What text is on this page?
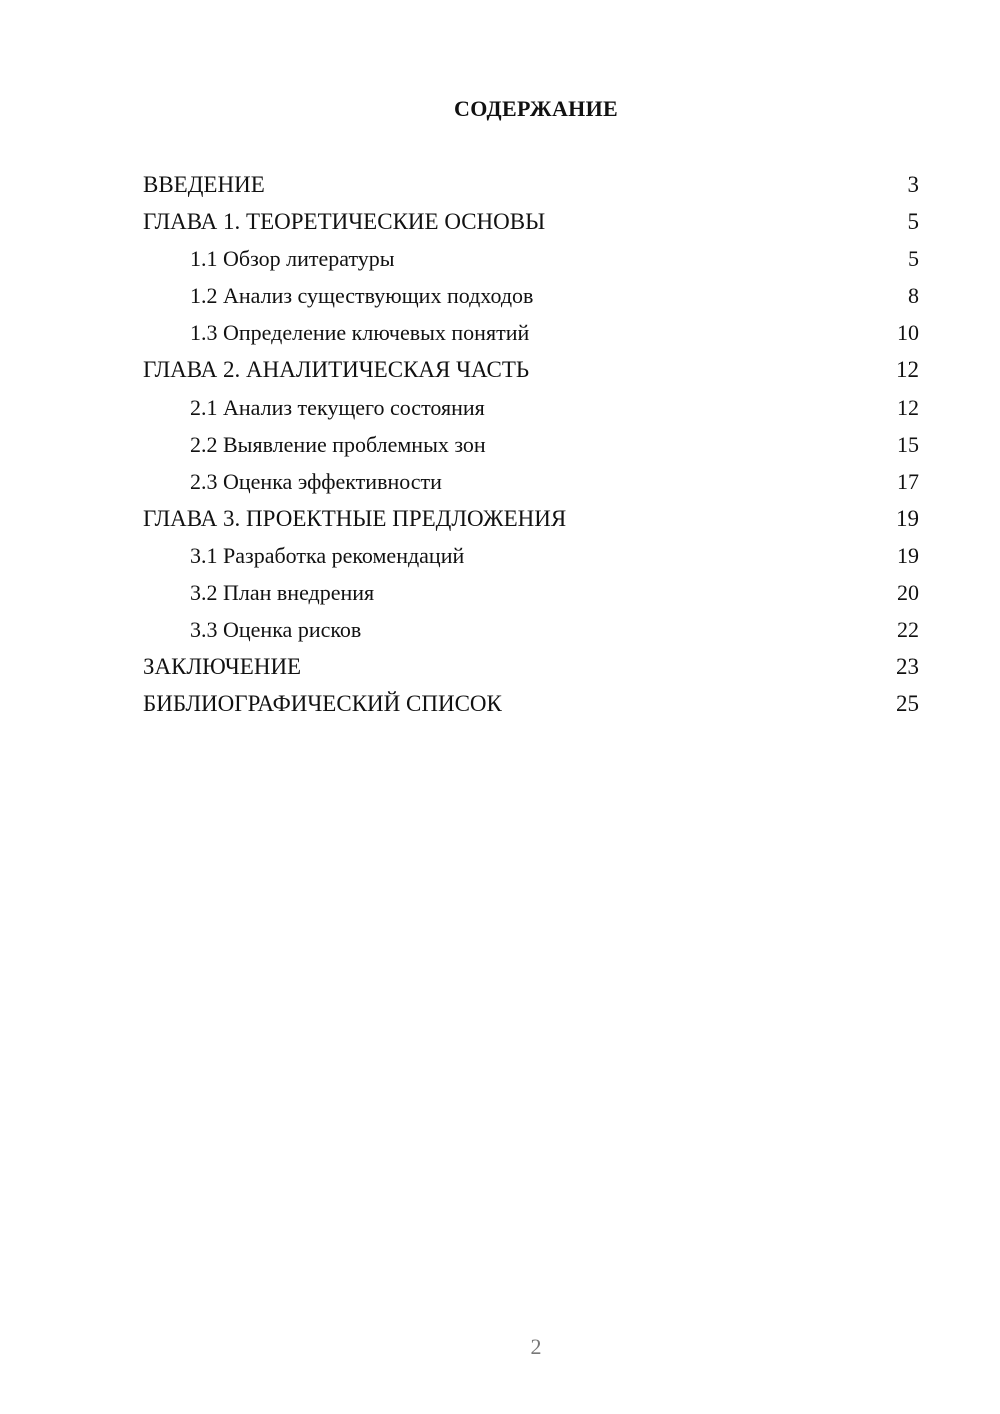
СОДЕРЖАНИЕ
ВВЕДЕНИЕ	3
ГЛАВА 1. ТЕОРЕТИЧЕСКИЕ ОСНОВЫ	5
1.1 Обзор литературы	5
1.2 Анализ существующих подходов	8
1.3 Определение ключевых понятий	10
ГЛАВА 2. АНАЛИТИЧЕСКАЯ ЧАСТЬ	12
2.1 Анализ текущего состояния	12
2.2 Выявление проблемных зон	15
2.3 Оценка эффективности	17
ГЛАВА 3. ПРОЕКТНЫЕ ПРЕДЛОЖЕНИЯ	19
3.1 Разработка рекомендаций	19
3.2 План внедрения	20
3.3 Оценка рисков	22
ЗАКЛЮЧЕНИЕ	23
БИБЛИОГРАФИЧЕСКИЙ СПИСОК	25
2
